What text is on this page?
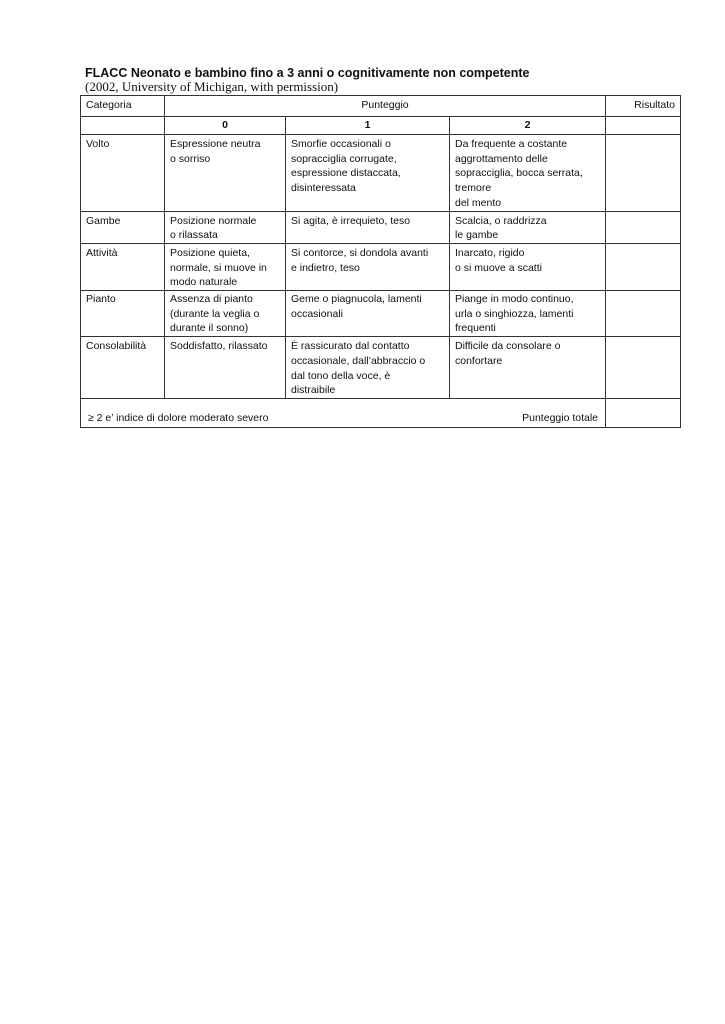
FLACC Neonato e bambino fino a 3 anni o cognitivamente non competente
(2002, University of Michigan, with permission)
Categoria	Punteggio			Risultato
	0	1	2	
Volto	Espressione neutra
o sorriso	Smorfie occasionali o
sopracciglia corrugate,
espressione distaccata,
disinteressata	Da frequente a costante
aggrottamento delle
sopracciglia, bocca serrata,
tremore
del mento	

Gambe	Posizione normale
o rilassata	Si agita, è irrequieto, teso	Scalcia, o raddrizza
le gambe	

Attività	Posizione quieta,
normale, si muove in
modo naturale	Si contorce, si dondola avanti
e indietro, teso	Inarcato, rigido
o si muove a scatti	

Pianto	Assenza di pianto
(durante la veglia o
durante il sonno)	Geme o piagnucola, lamenti
occasionali	Piange in modo continuo,
urla o singhiozza, lamenti
frequenti	

Consolabilità	Soddisfatto, rilassato	È rassicurato dal contatto
occasionale, dall’abbraccio o
dal tono della voce, è
distraibile	Difficile da consolare o
confortare	

≥ 2 e’ indice di dolore moderato severo Punteggio totale				
